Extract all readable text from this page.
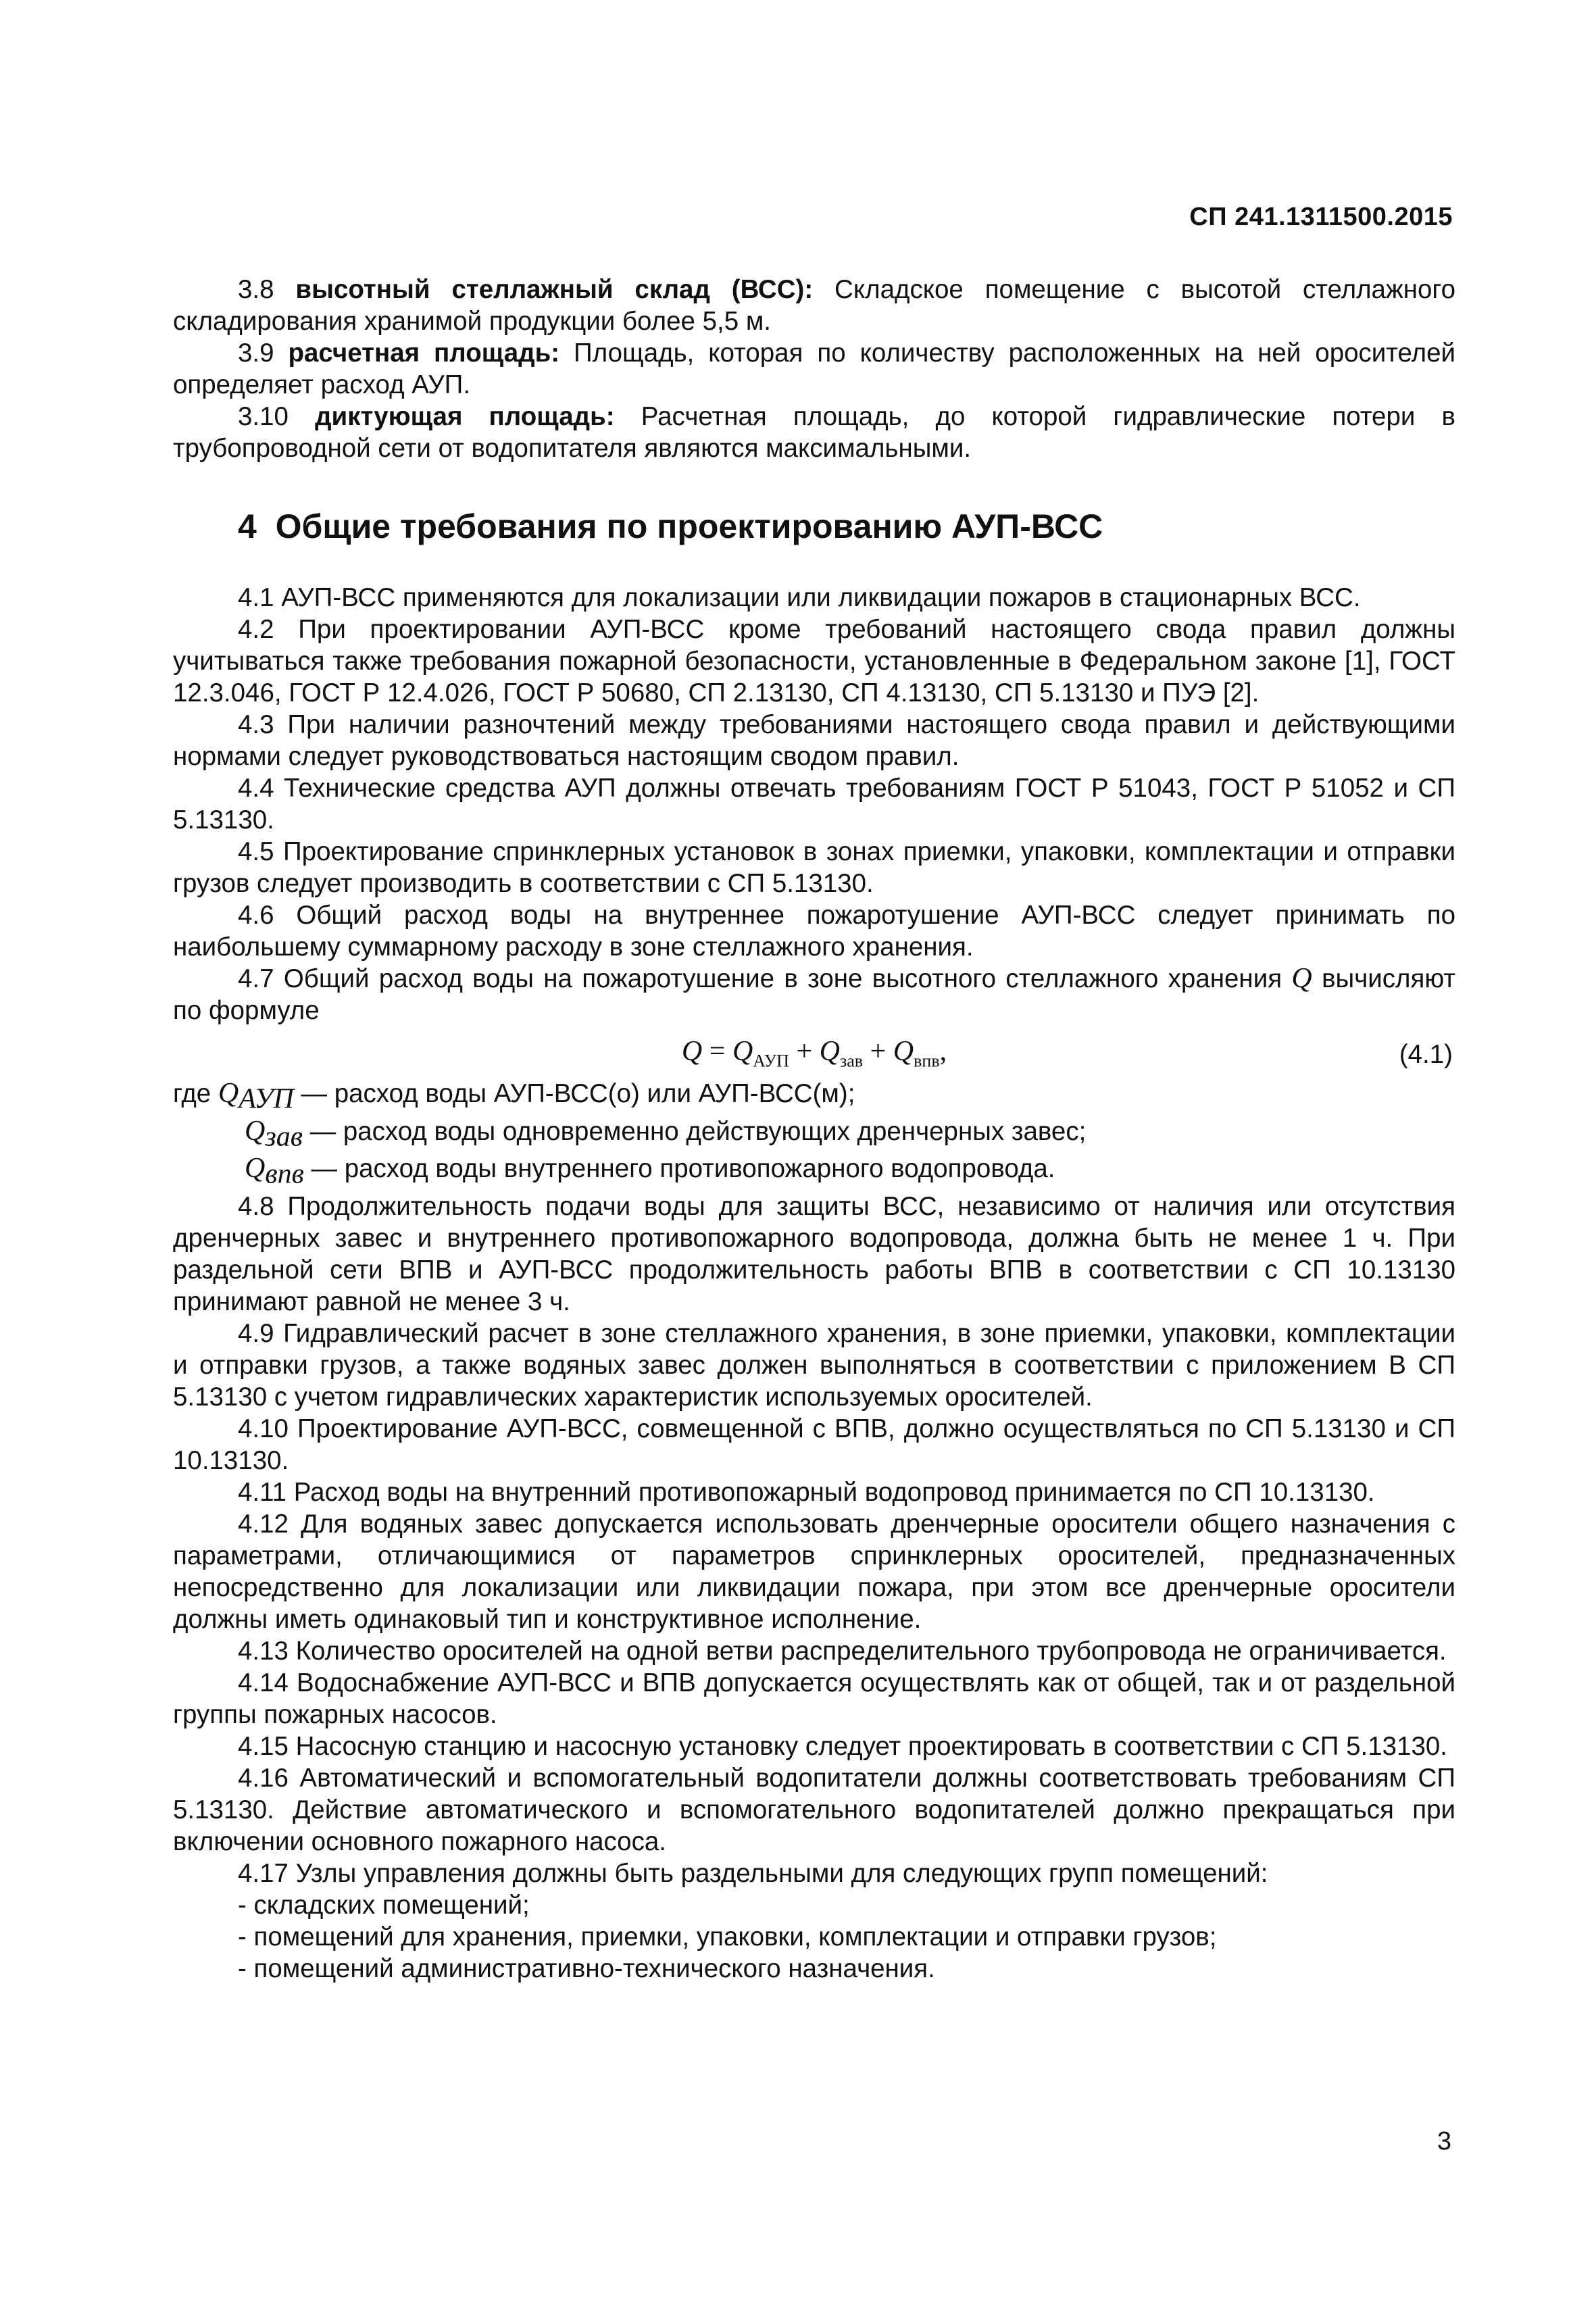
СП 241.1311500.2015

3.8 высотный стеллажный склад (ВСС): Складское помещение с высотой стеллажного складирования хранимой продукции более 5,5 м.

3.9 расчетная площадь: Площадь, которая по количеству расположенных на ней оросителей определяет расход АУП.

3.10 диктующая площадь: Расчетная площадь, до которой гидравлические потери в трубопроводной сети от водопитателя являются максимальными.

4 Общие требования по проектированию АУП-ВСС

4.1 АУП-ВСС применяются для локализации или ликвидации пожаров в стационарных ВСС.

4.2 При проектировании АУП-ВСС кроме требований настоящего свода правил должны учитываться также требования пожарной безопасности, установленные в Федеральном законе [1], ГОСТ 12.3.046, ГОСТ Р 12.4.026, ГОСТ Р 50680, СП 2.13130, СП 4.13130, СП 5.13130 и ПУЭ [2].

4.3 При наличии разночтений между требованиями настоящего свода правил и действующими нормами следует руководствоваться настоящим сводом правил.

4.4 Технические средства АУП должны отвечать требованиям ГОСТ Р 51043, ГОСТ Р 51052 и СП 5.13130.

4.5 Проектирование спринклерных установок в зонах приемки, упаковки, комплектации и отправки грузов следует производить в соответствии с СП 5.13130.

4.6 Общий расход воды на внутреннее пожаротушение АУП-ВСС следует принимать по наибольшему суммарному расходу в зоне стеллажного хранения.

4.7 Общий расход воды на пожаротушение в зоне высотного стеллажного хранения Q вычисляют по формуле

$Q = Q_{АУП} + Q_{зав} + Q_{впв}$,	(4.1)

где $Q_{АУП}$ — расход воды АУП-ВСС(о) или АУП-ВСС(м);

$Q_{зав}$ — расход воды одновременно действующих дренчерных завес;

$Q_{впв}$ — расход воды внутреннего противопожарного водопровода.

4.8 Продолжительность подачи воды для защиты ВСС, независимо от наличия или отсутствия дренчерных завес и внутреннего противопожарного водопровода, должна быть не менее 1 ч. При раздельной сети ВПВ и АУП-ВСС продолжительность работы ВПВ в соответствии с СП 10.13130 принимают равной не менее 3 ч.

4.9 Гидравлический расчет в зоне стеллажного хранения, в зоне приемки, упаковки, комплектации и отправки грузов, а также водяных завес должен выполняться в соответствии с приложением В СП 5.13130 с учетом гидравлических характеристик используемых оросителей.

4.10 Проектирование АУП-ВСС, совмещенной с ВПВ, должно осуществляться по СП 5.13130 и СП 10.13130.

4.11 Расход воды на внутренний противопожарный водопровод принимается по СП 10.13130.

4.12 Для водяных завес допускается использовать дренчерные оросители общего назначения с параметрами, отличающимися от параметров спринклерных оросителей, предназначенных непосредственно для локализации или ликвидации пожара, при этом все дренчерные оросители должны иметь одинаковый тип и конструктивное исполнение.

4.13 Количество оросителей на одной ветви распределительного трубопровода не ограничивается.

4.14 Водоснабжение АУП-ВСС и ВПВ допускается осуществлять как от общей, так и от раздельной группы пожарных насосов.

4.15 Насосную станцию и насосную установку следует проектировать в соответствии с СП 5.13130.

4.16 Автоматический и вспомогательный водопитатели должны соответствовать требованиям СП 5.13130. Действие автоматического и вспомогательного водопитателей должно прекращаться при включении основного пожарного насоса.

4.17 Узлы управления должны быть раздельными для следующих групп помещений:

- складских помещений;

- помещений для хранения, приемки, упаковки, комплектации и отправки грузов;

- помещений административно-технического назначения.

3
